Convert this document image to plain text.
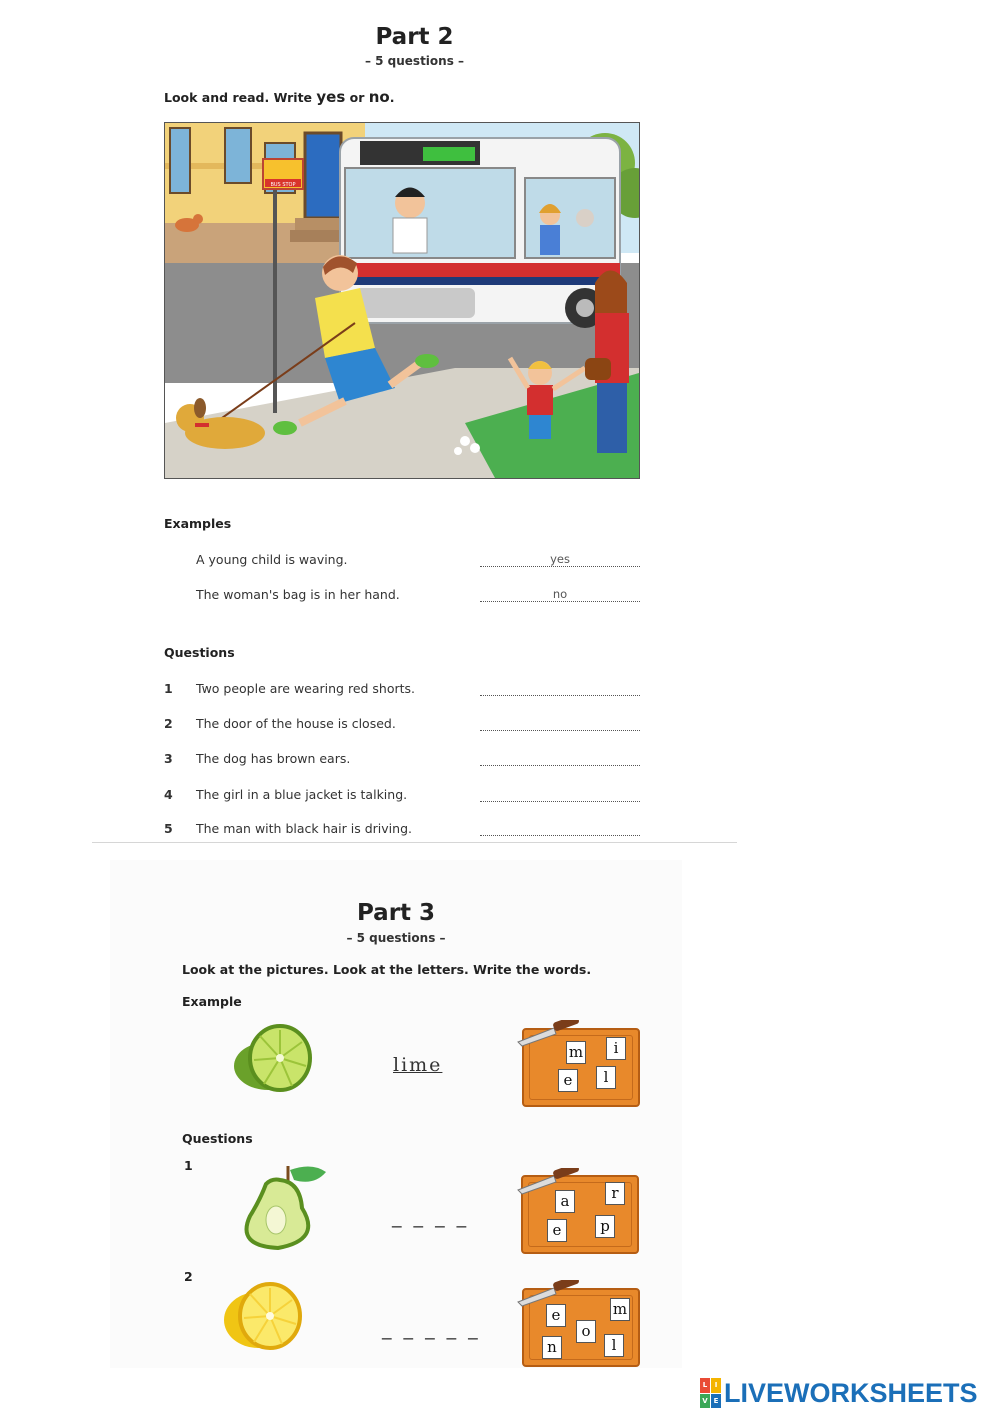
Part 2
– 5 questions –
Look and read. Write yes or no.
BUS STOP
Examples
A young child is waving.	yes
The woman's bag is in her hand.	no
Questions
1 Two people are wearing red shorts.
2 The door of the house is closed.
3 The dog has brown ears.
4 The girl in a blue jacket is talking.
5 The man with black hair is driving.
Part 3
– 5 questions –
Look at the pictures. Look at the letters. Write the words.
Example
lime
m	i
e	l
Questions
1
_ _ _ _
a	r
e	p
2
_ _ _ _ _
e	m
o
n	l
L	I
V E LIVEWORKSHEETS
